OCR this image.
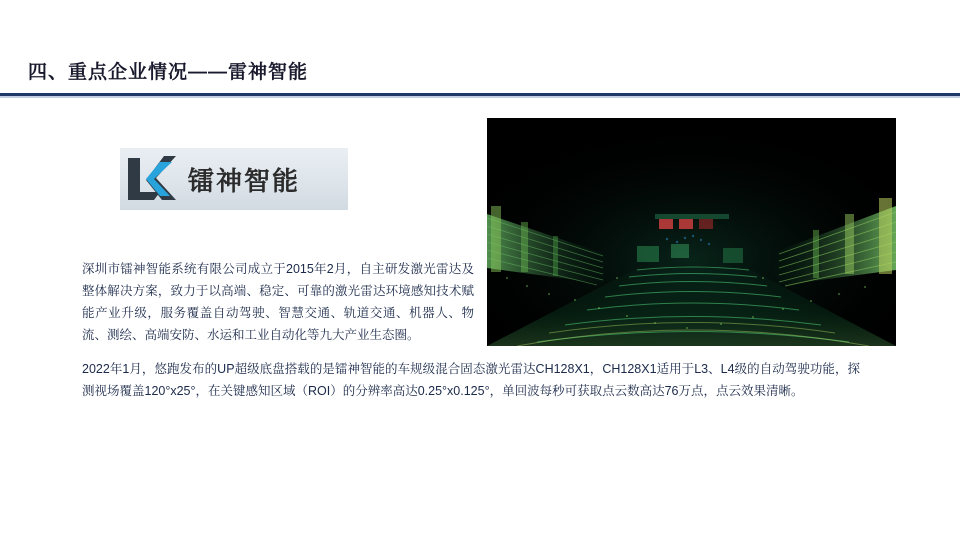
四、重点企业情况——雷神智能
镭神智能
深圳市镭神智能系统有限公司成立于2015年2月，自主研发激光雷达及整体解决方案，致力于以高端、稳定、可靠的激光雷达环境感知技术赋能产业升级，服务覆盖自动驾驶、智慧交通、轨道交通、机器人、物流、测绘、高端安防、水运和工业自动化等九大产业生态圈。
2022年1月，悠跑发布的UP超级底盘搭载的是镭神智能的车规级混合固态激光雷达CH128X1，CH128X1适用于L3、L4级的自动驾驶功能，探测视场覆盖120°x25°，在关键感知区域（ROI）的分辨率高达0.25°x0.125°，单回波每秒可获取点云数高达76万点，点云效果清晰。
